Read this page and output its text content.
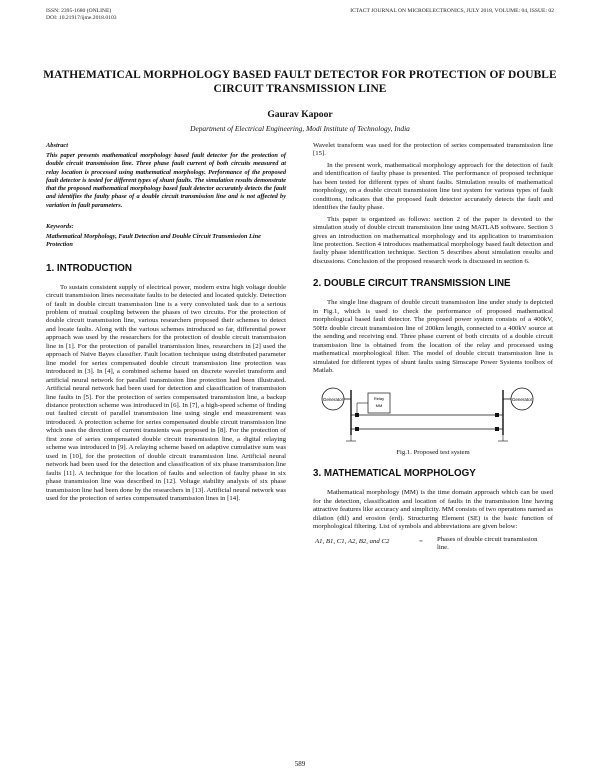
ISSN: 2395-1680 (ONLINE)
DOI: 10.21917/ijme.2018.0103
ICTACT JOURNAL ON MICROELECTRONICS, JULY 2018, VOLUME: 04, ISSUE: 02
MATHEMATICAL MORPHOLOGY BASED FAULT DETECTOR FOR PROTECTION OF DOUBLE CIRCUIT TRANSMISSION LINE
Gaurav Kapoor
Department of Electrical Engineering, Modi Institute of Technology, India

Abstract

This paper presents mathematical morphology based fault detector for the protection of double circuit transmission line. Three phase fault current of both circuits measured at relay location is processed using mathematical morphology. Performance of the proposed fault detector is tested for different types of shunt faults. The simulation results demonstrate that the proposed mathematical morphology based fault detector accurately detects the fault and identifies the faulty phase of a double circuit transmission line and is not affected by variation in fault parameters.

Keywords:

Mathematical Morphology, Fault Detection and Double Circuit Transmission Line Protection

1. INTRODUCTION

To sustain consistent supply of electrical power, modern extra high voltage double circuit transmission lines necessitate faults to be detected and located quickly. Detection of fault in double circuit transmission line is a very convoluted task due to a serious problem of mutual coupling between the phases of two circuits. For the protection of double circuit transmission line, various researchers proposed their schemes to detect and locate faults. Along with the various schemes introduced so far, differential power approach was used by the researchers for the protection of double circuit transmission line in [1]. For the protection of parallel transmission lines, researchers in [2] used the approach of Naive Bayes classifier. Fault location technique using distributed parameter line model for series compensated double circuit transmission line protection was introduced in [3]. In [4], a combined scheme based on discrete wavelet transform and artificial neural network for parallel transmission line protection had been illustrated. Artificial neural network had been used for detection and classification of transmission line faults in [5]. For the protection of series compensated transmission line, a backup distance protection scheme was introduced in [6]. In [7], a high-speed scheme of finding out faulted circuit of parallel transmission line using single end measurement was introduced. A protection scheme for series compensated double circuit transmission line which uses the direction of current transients was proposed in [8]. For the protection of first zone of series compensated double circuit transmission line, a digital relaying scheme was introduced in [9]. A relaying scheme based on adaptive cumulative sum was used in [10], for the protection of double circuit transmission line. Artificial neural network had been used for the detection and classification of six phase transmission line faults [11]. A technique for the location of faults and selection of faulty phase in six phase transmission line was described in [12]. Voltage stability analysis of six phase transmission line had been done by the researchers in [13]. Artificial neural network was used for the protection of series compensated transmission lines in [14].

Wavelet transform was used for the protection of series compensated transmission line [15].

In the present work, mathematical morphology approach for the detection of fault and identification of faulty phase is presented. The performance of proposed technique has been tested for different types of shunt faults. Simulation results of mathematical morphology, on a double circuit transmission line test system for various types of fault conditions, indicates that the proposed fault detector accurately detects the fault and identifies the faulty phase.

This paper is organized as follows: section 2 of the paper is devoted to the simulation study of double circuit transmission line using MATLAB software. Section 3 gives an introduction on mathematical morphology and its application to transmission line protection. Section 4 introduces mathematical morphology based fault detection and faulty phase identification technique. Section 5 describes about simulation results and discussions. Conclusion of the proposed research work is discussed in section 6.

2. DOUBLE CIRCUIT TRANSMISSION LINE

The single line diagram of double circuit transmission line under study is depicted in Fig.1, which is used to check the performance of proposed mathematical morphological based fault detector. The proposed power system consists of a 400kV, 50Hz double circuit transmission line of 200km length, connected to a 400kV source at the sending and receiving end. Three phase current of both circuits of a double circuit transmission line is obtained from the location of the relay and processed using mathematical morphological filter. The model of double circuit transmission line is simulated for different types of shunt faults using Simscape Power Systems toolbox of Matlab.

Generator	Relay
MM
Generator

Fig.1. Proposed test system

3. MATHEMATICAL MORPHOLOGY

Mathematical morphology (MM) is the time domain approach which can be used for the detection, classification and location of faults in the transmission line having attractive features like accuracy and simplicity. MM consists of two operations named as dilation (dil) and erosion (erd). Structuring Element (SE) is the basic function of morphological filtering. List of symbols and abbreviations are given below:

A1, B1, C1, A2, B2, and C2	= Phases of double circuit transmission line.
589
